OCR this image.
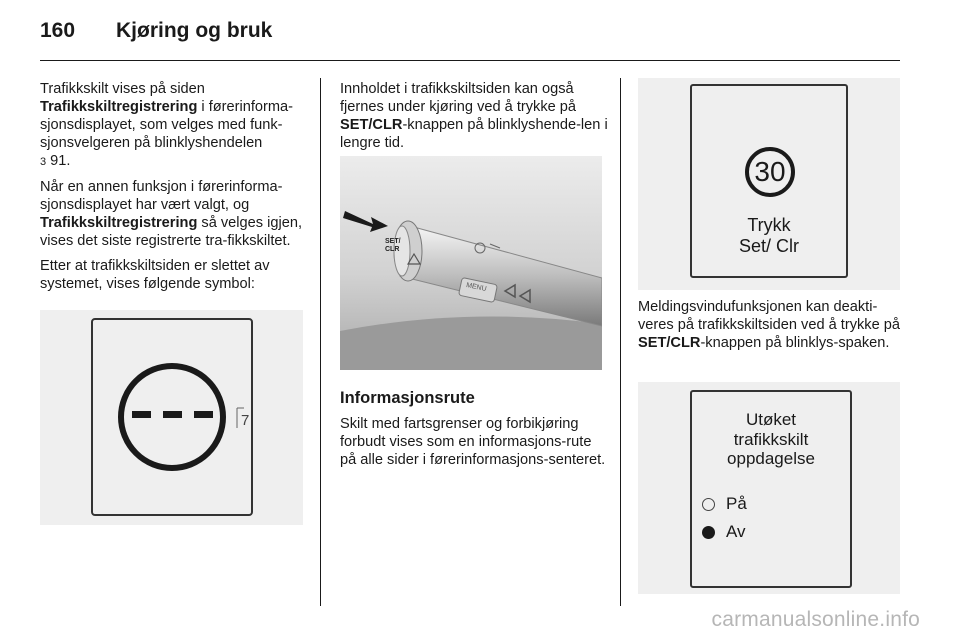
160 Kjøring og bruk

Trafikkskilt vises på siden
Trafikkskiltregistrering i førerinforma-sjonsdisplayet, som velges med funk-sjonsvelgeren på blinklyshendelen
3 91.

Når en annen funksjon i førerinforma-sjonsdisplayet har vært valgt, og
Trafikkskiltregistrering så velges igjen, vises det siste registrerte tra-fikkskiltet.

Etter at trafikkskiltsiden er slettet av systemet, vises følgende symbol:

7

Innholdet i trafikkskiltsiden kan også fjernes under kjøring ved å trykke på
SET/CLR-knappen på blinklyshende-len i lengre tid.

SET/
CLR
MENU

Informasjonsrute

Skilt med fartsgrenser og forbikjøring forbudt vises som en informasjons-rute på alle sider i førerinformasjons-senteret.

30
Trykk
Set/ Clr

Meldingsvindufunksjonen kan deakti-veres på trafikkskiltsiden ved å trykke på SET/CLR-knappen på blinklys-spaken.

Utøket
trafikkskilt
oppdagelse
På
Av
carmanualsonline.info
